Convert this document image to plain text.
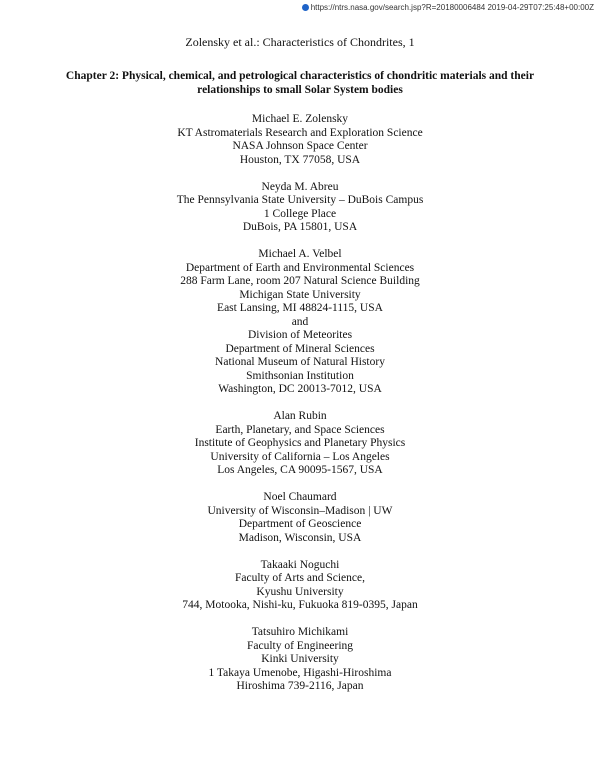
https://ntrs.nasa.gov/search.jsp?R=20180006484 2019-04-29T07:25:48+00:00Z
Zolensky et al.: Characteristics of Chondrites, 1
Chapter 2: Physical, chemical, and petrological characteristics of chondritic materials and their relationships to small Solar System bodies
Michael E. Zolensky
KT Astromaterials Research and Exploration Science
NASA Johnson Space Center
Houston, TX 77058, USA
Neyda M. Abreu
The Pennsylvania State University – DuBois Campus
1 College Place
DuBois, PA 15801, USA
Michael A. Velbel
Department of Earth and Environmental Sciences
288 Farm Lane, room 207 Natural Science Building
Michigan State University
East Lansing, MI 48824-1115, USA
and
Division of Meteorites
Department of Mineral Sciences
National Museum of Natural History
Smithsonian Institution
Washington, DC 20013-7012, USA
Alan Rubin
Earth, Planetary, and Space Sciences
Institute of Geophysics and Planetary Physics
University of California – Los Angeles
Los Angeles, CA 90095-1567, USA
Noel Chaumard
University of Wisconsin–Madison | UW
Department of Geoscience
Madison, Wisconsin, USA
Takaaki Noguchi
Faculty of Arts and Science,
Kyushu University
744, Motooka, Nishi-ku, Fukuoka 819-0395, Japan
Tatsuhiro Michikami
Faculty of Engineering
Kinki University
1 Takaya Umenobe, Higashi-Hiroshima
Hiroshima 739-2116, Japan
